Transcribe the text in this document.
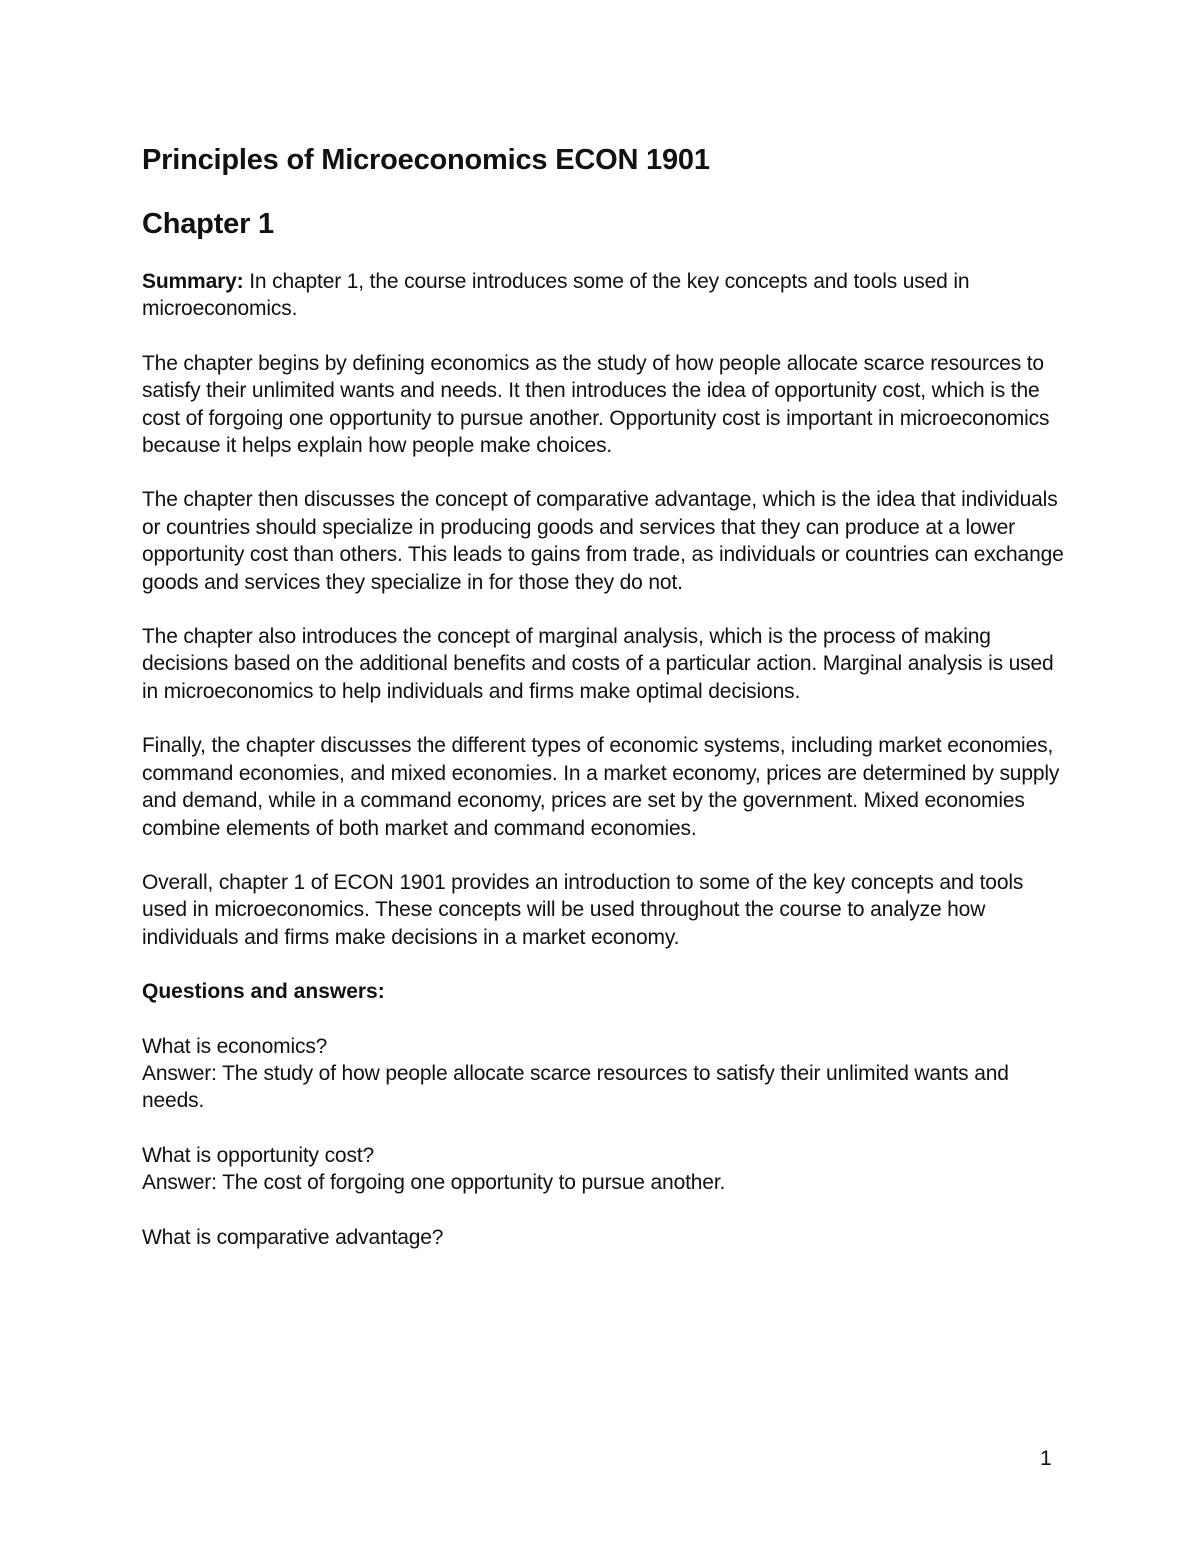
Principles of Microeconomics ECON 1901
Chapter 1

Summary: In chapter 1, the course introduces some of the key concepts and tools used in microeconomics.

The chapter begins by defining economics as the study of how people allocate scarce resources to satisfy their unlimited wants and needs. It then introduces the idea of opportunity cost, which is the cost of forgoing one opportunity to pursue another. Opportunity cost is important in microeconomics because it helps explain how people make choices.

The chapter then discusses the concept of comparative advantage, which is the idea that individuals or countries should specialize in producing goods and services that they can produce at a lower opportunity cost than others. This leads to gains from trade, as individuals or countries can exchange goods and services they specialize in for those they do not.

The chapter also introduces the concept of marginal analysis, which is the process of making decisions based on the additional benefits and costs of a particular action. Marginal analysis is used in microeconomics to help individuals and firms make optimal decisions.

Finally, the chapter discusses the different types of economic systems, including market economies, command economies, and mixed economies. In a market economy, prices are determined by supply and demand, while in a command economy, prices are set by the government. Mixed economies combine elements of both market and command economies.

Overall, chapter 1 of ECON 1901 provides an introduction to some of the key concepts and tools used in microeconomics. These concepts will be used throughout the course to analyze how individuals and firms make decisions in a market economy.

Questions and answers:

What is economics?

Answer: The study of how people allocate scarce resources to satisfy their unlimited wants and needs.

What is opportunity cost?

Answer: The cost of forgoing one opportunity to pursue another.

What is comparative advantage?

1
